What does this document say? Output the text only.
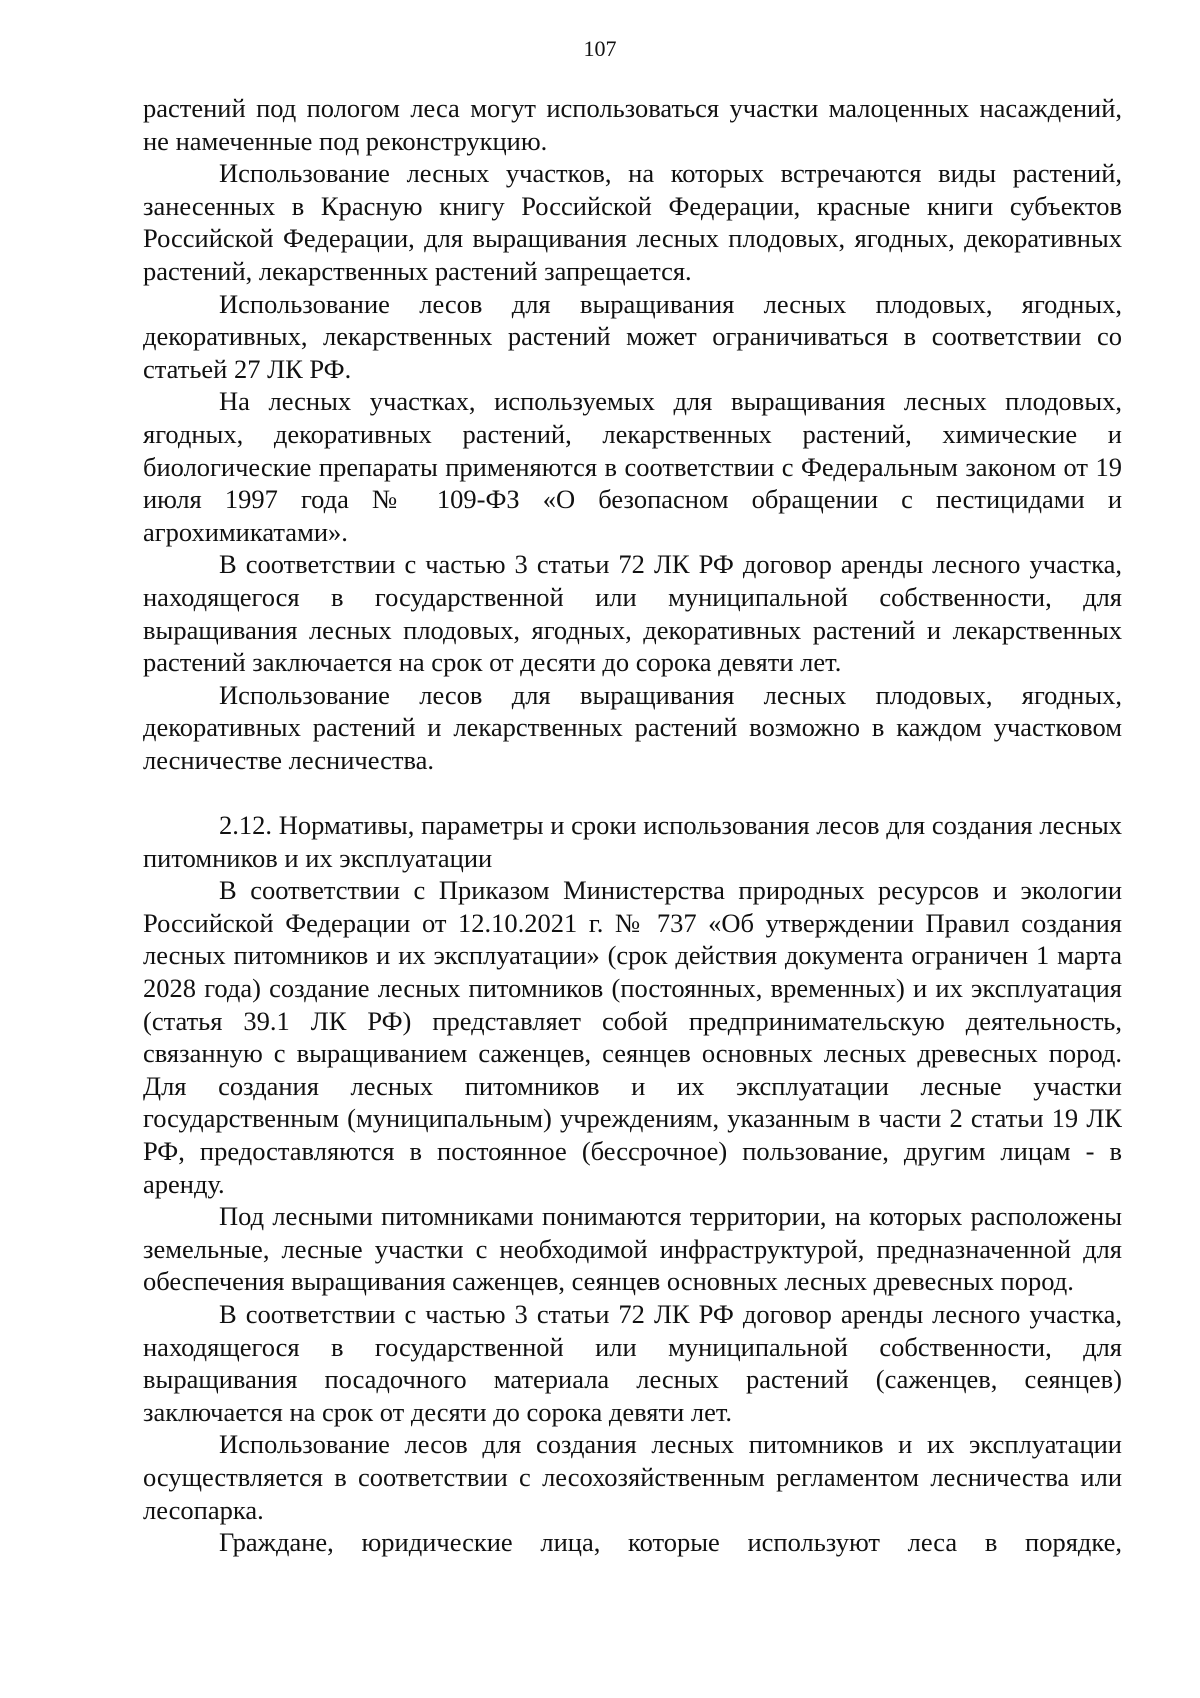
107

растений под пологом леса могут использоваться участки малоценных насаждений, не намеченные под реконструкцию.

Использование лесных участков, на которых встречаются виды растений, занесенных в Красную книгу Российской Федерации, красные книги субъектов Российской Федерации, для выращивания лесных плодовых, ягодных, декоративных растений, лекарственных растений запрещается.

Использование лесов для выращивания лесных плодовых, ягодных, декоративных, лекарственных растений может ограничиваться в соответствии со статьей 27 ЛК РФ.

На лесных участках, используемых для выращивания лесных плодовых, ягодных, декоративных растений, лекарственных растений, химические и биологические препараты применяются в соответствии с Федеральным законом от 19 июля 1997 года № 109-ФЗ «О безопасном обращении с пестицидами и агрохимикатами».

В соответствии с частью 3 статьи 72 ЛК РФ договор аренды лесного участка, находящегося в государственной или муниципальной собственности, для выращивания лесных плодовых, ягодных, декоративных растений и лекарственных растений заключается на срок от десяти до сорока девяти лет.

Использование лесов для выращивания лесных плодовых, ягодных, декоративных растений и лекарственных растений возможно в каждом участковом лесничестве лесничества.

2.12. Нормативы, параметры и сроки использования лесов для создания лесных питомников и их эксплуатации

В соответствии с Приказом Министерства природных ресурсов и экологии Российской Федерации от 12.10.2021 г. № 737 «Об утверждении Правил создания лесных питомников и их эксплуатации» (срок действия документа ограничен 1 марта 2028 года) создание лесных питомников (постоянных, временных) и их эксплуатация (статья 39.1 ЛК РФ) представляет собой предпринимательскую деятельность, связанную с выращиванием саженцев, сеянцев основных лесных древесных пород. Для создания лесных питомников и их эксплуатации лесные участки государственным (муниципальным) учреждениям, указанным в части 2 статьи 19 ЛК РФ, предоставляются в постоянное (бессрочное) пользование, другим лицам - в аренду.

Под лесными питомниками понимаются территории, на которых расположены земельные, лесные участки с необходимой инфраструктурой, предназначенной для обеспечения выращивания саженцев, сеянцев основных лесных древесных пород.

В соответствии с частью 3 статьи 72 ЛК РФ договор аренды лесного участка, находящегося в государственной или муниципальной собственности, для выращивания посадочного материала лесных растений (саженцев, сеянцев) заключается на срок от десяти до сорока девяти лет.

Использование лесов для создания лесных питомников и их эксплуатации осуществляется в соответствии с лесохозяйственным регламентом лесничества или лесопарка.

Граждане, юридические лица, которые используют леса в порядке,
